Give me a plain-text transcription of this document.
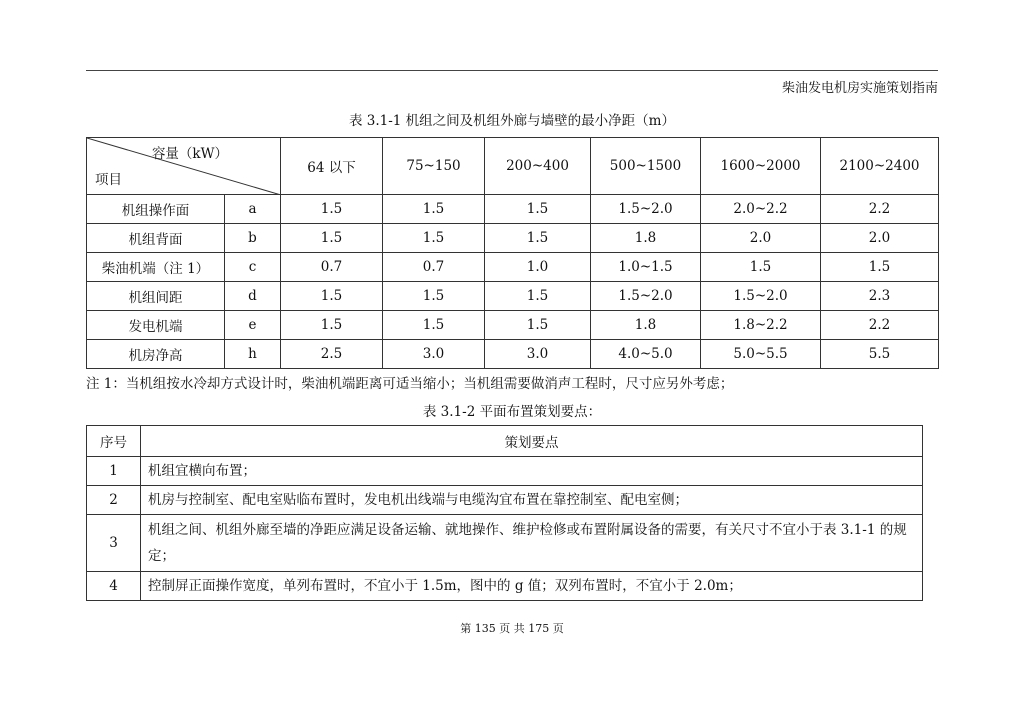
柴油发电机房实施策划指南
表 3.1-1 机组之间及机组外廊与墙壁的最小净距（m）
容量（kW）
项目		64 以下	75~150	200~400	500~1500	1600~2000	2100~2400
机组操作面	a	1.5	1.5	1.5	1.5~2.0	2.0~2.2	2.2
机组背面	b	1.5	1.5	1.5	1.8	2.0	2.0
柴油机端（注 1）	c	0.7	0.7	1.0	1.0~1.5	1.5	1.5
机组间距	d	1.5	1.5	1.5	1.5~2.0	1.5~2.0	2.3
发电机端	e	1.5	1.5	1.5	1.8	1.8~2.2	2.2
机房净高	h	2.5	3.0	3.0	4.0~5.0	5.0~5.5	5.5
注 1：当机组按水冷却方式设计时，柴油机端距离可适当缩小；当机组需要做消声工程时，尺寸应另外考虑；
表 3.1-2 平面布置策划要点：
序号	策划要点
1	机组宜横向布置；
2	机房与控制室、配电室贴临布置时，发电机出线端与电缆沟宜布置在靠控制室、配电室侧；
3	机组之间、机组外廊至墙的净距应满足设备运输、就地操作、维护检修或布置附属设备的需要，有关尺寸不宜小于表 3.1-1 的规定；
4	控制屏正面操作宽度，单列布置时，不宜小于 1.5m，图中的 g 值；双列布置时，不宜小于 2.0m；
第 135 页 共 175 页
